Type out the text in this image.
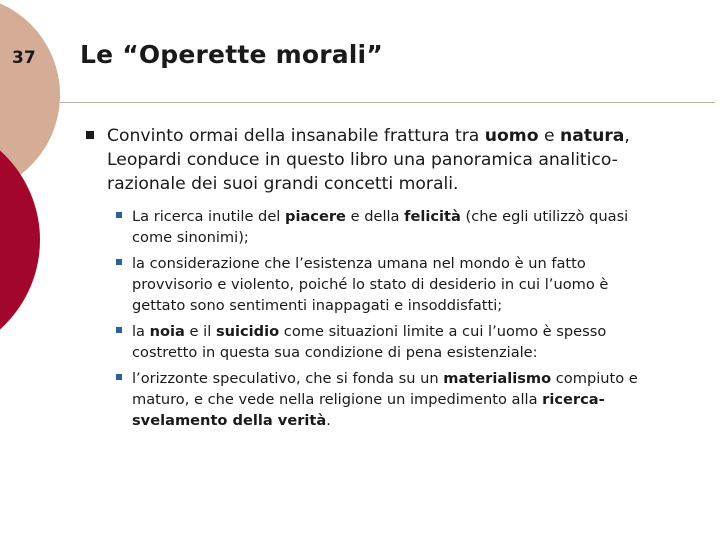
37 Le “Operette morali”
Convinto ormai della insanabile frattura tra uomo e natura, Leopardi conduce in questo libro una panoramica analitico-razionale dei suoi grandi concetti morali.
La ricerca inutile del piacere e della felicità (che egli utilizzò quasi come sinonimi);
la considerazione che l’esistenza umana nel mondo è un fatto provvisorio e violento, poiché lo stato di desiderio in cui l’uomo è gettato sono sentimenti inappagati e insoddisfatti;
la noia e il suicidio come situazioni limite a cui l’uomo è spesso costretto in questa sua condizione di pena esistenziale:
l’orizzonte speculativo, che si fonda su un materialismo compiuto e maturo, e che vede nella religione un impedimento alla ricerca-svelamento della verità.
